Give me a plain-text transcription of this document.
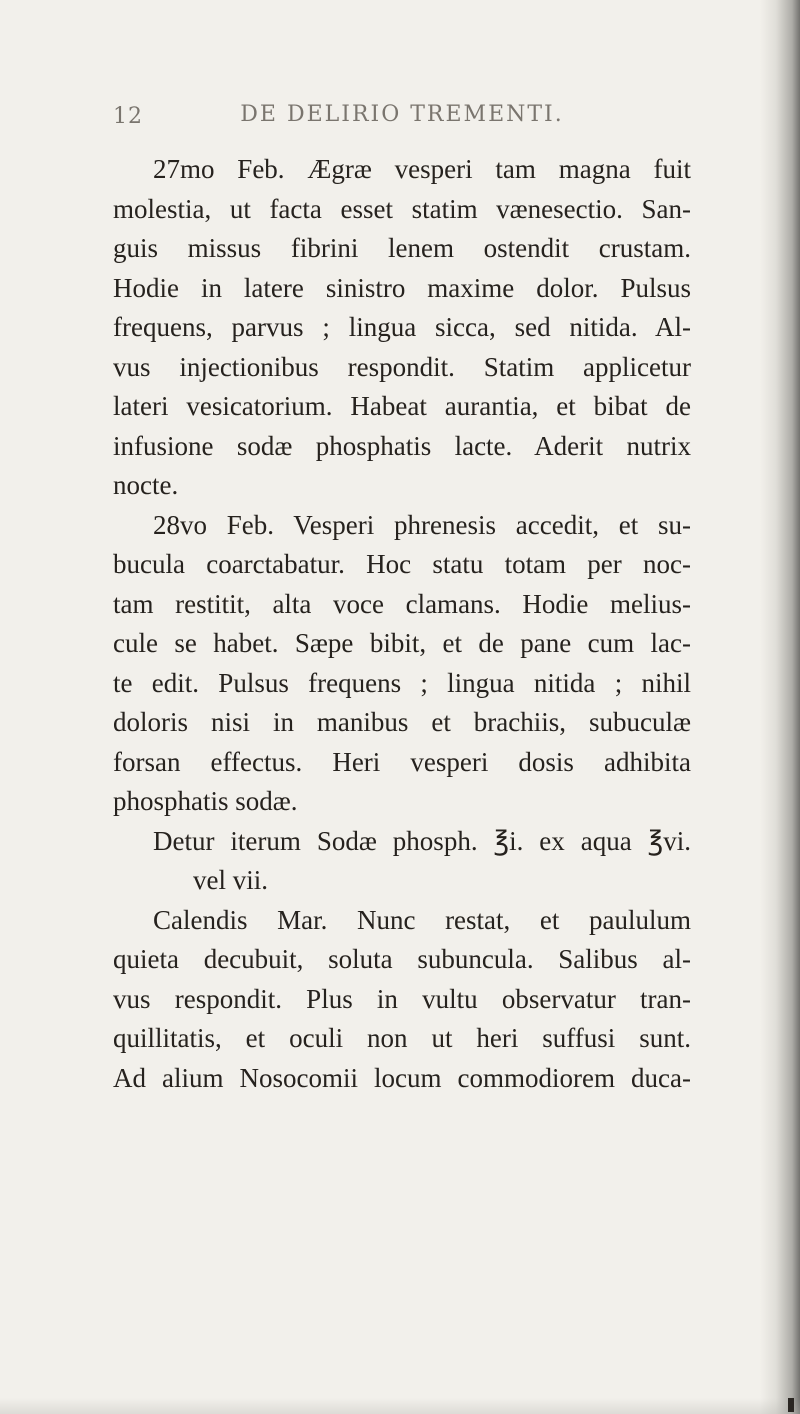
12	DE DELIRIO TREMENTI.
27mo Feb. Ægræ vesperi tam magna fuit
molestia, ut facta esset statim vænesectio. San-
guis missus fibrini lenem ostendit crustam.
Hodie in latere sinistro maxime dolor. Pulsus
frequens, parvus ; lingua sicca, sed nitida. Al-
vus injectionibus respondit. Statim applicetur
lateri vesicatorium. Habeat aurantia, et bibat de
infusione sodæ phosphatis lacte. Aderit nutrix
nocte.
28vo Feb. Vesperi phrenesis accedit, et su-
bucula coarctabatur. Hoc statu totam per noc-
tam restitit, alta voce clamans. Hodie melius-
cule se habet. Sæpe bibit, et de pane cum lac-
te edit. Pulsus frequens ; lingua nitida ; nihil
doloris nisi in manibus et brachiis, subuculæ
forsan effectus. Heri vesperi dosis adhibita
phosphatis sodæ.
Detur iterum Sodæ phosph. ℥i. ex aqua ℥vi.
vel vii.
Calendis Mar. Nunc restat, et paululum
quieta decubuit, soluta subuncula. Salibus al-
vus respondit. Plus in vultu observatur tran-
quillitatis, et oculi non ut heri suffusi sunt.
Ad alium Nosocomii locum commodiorem duca-
